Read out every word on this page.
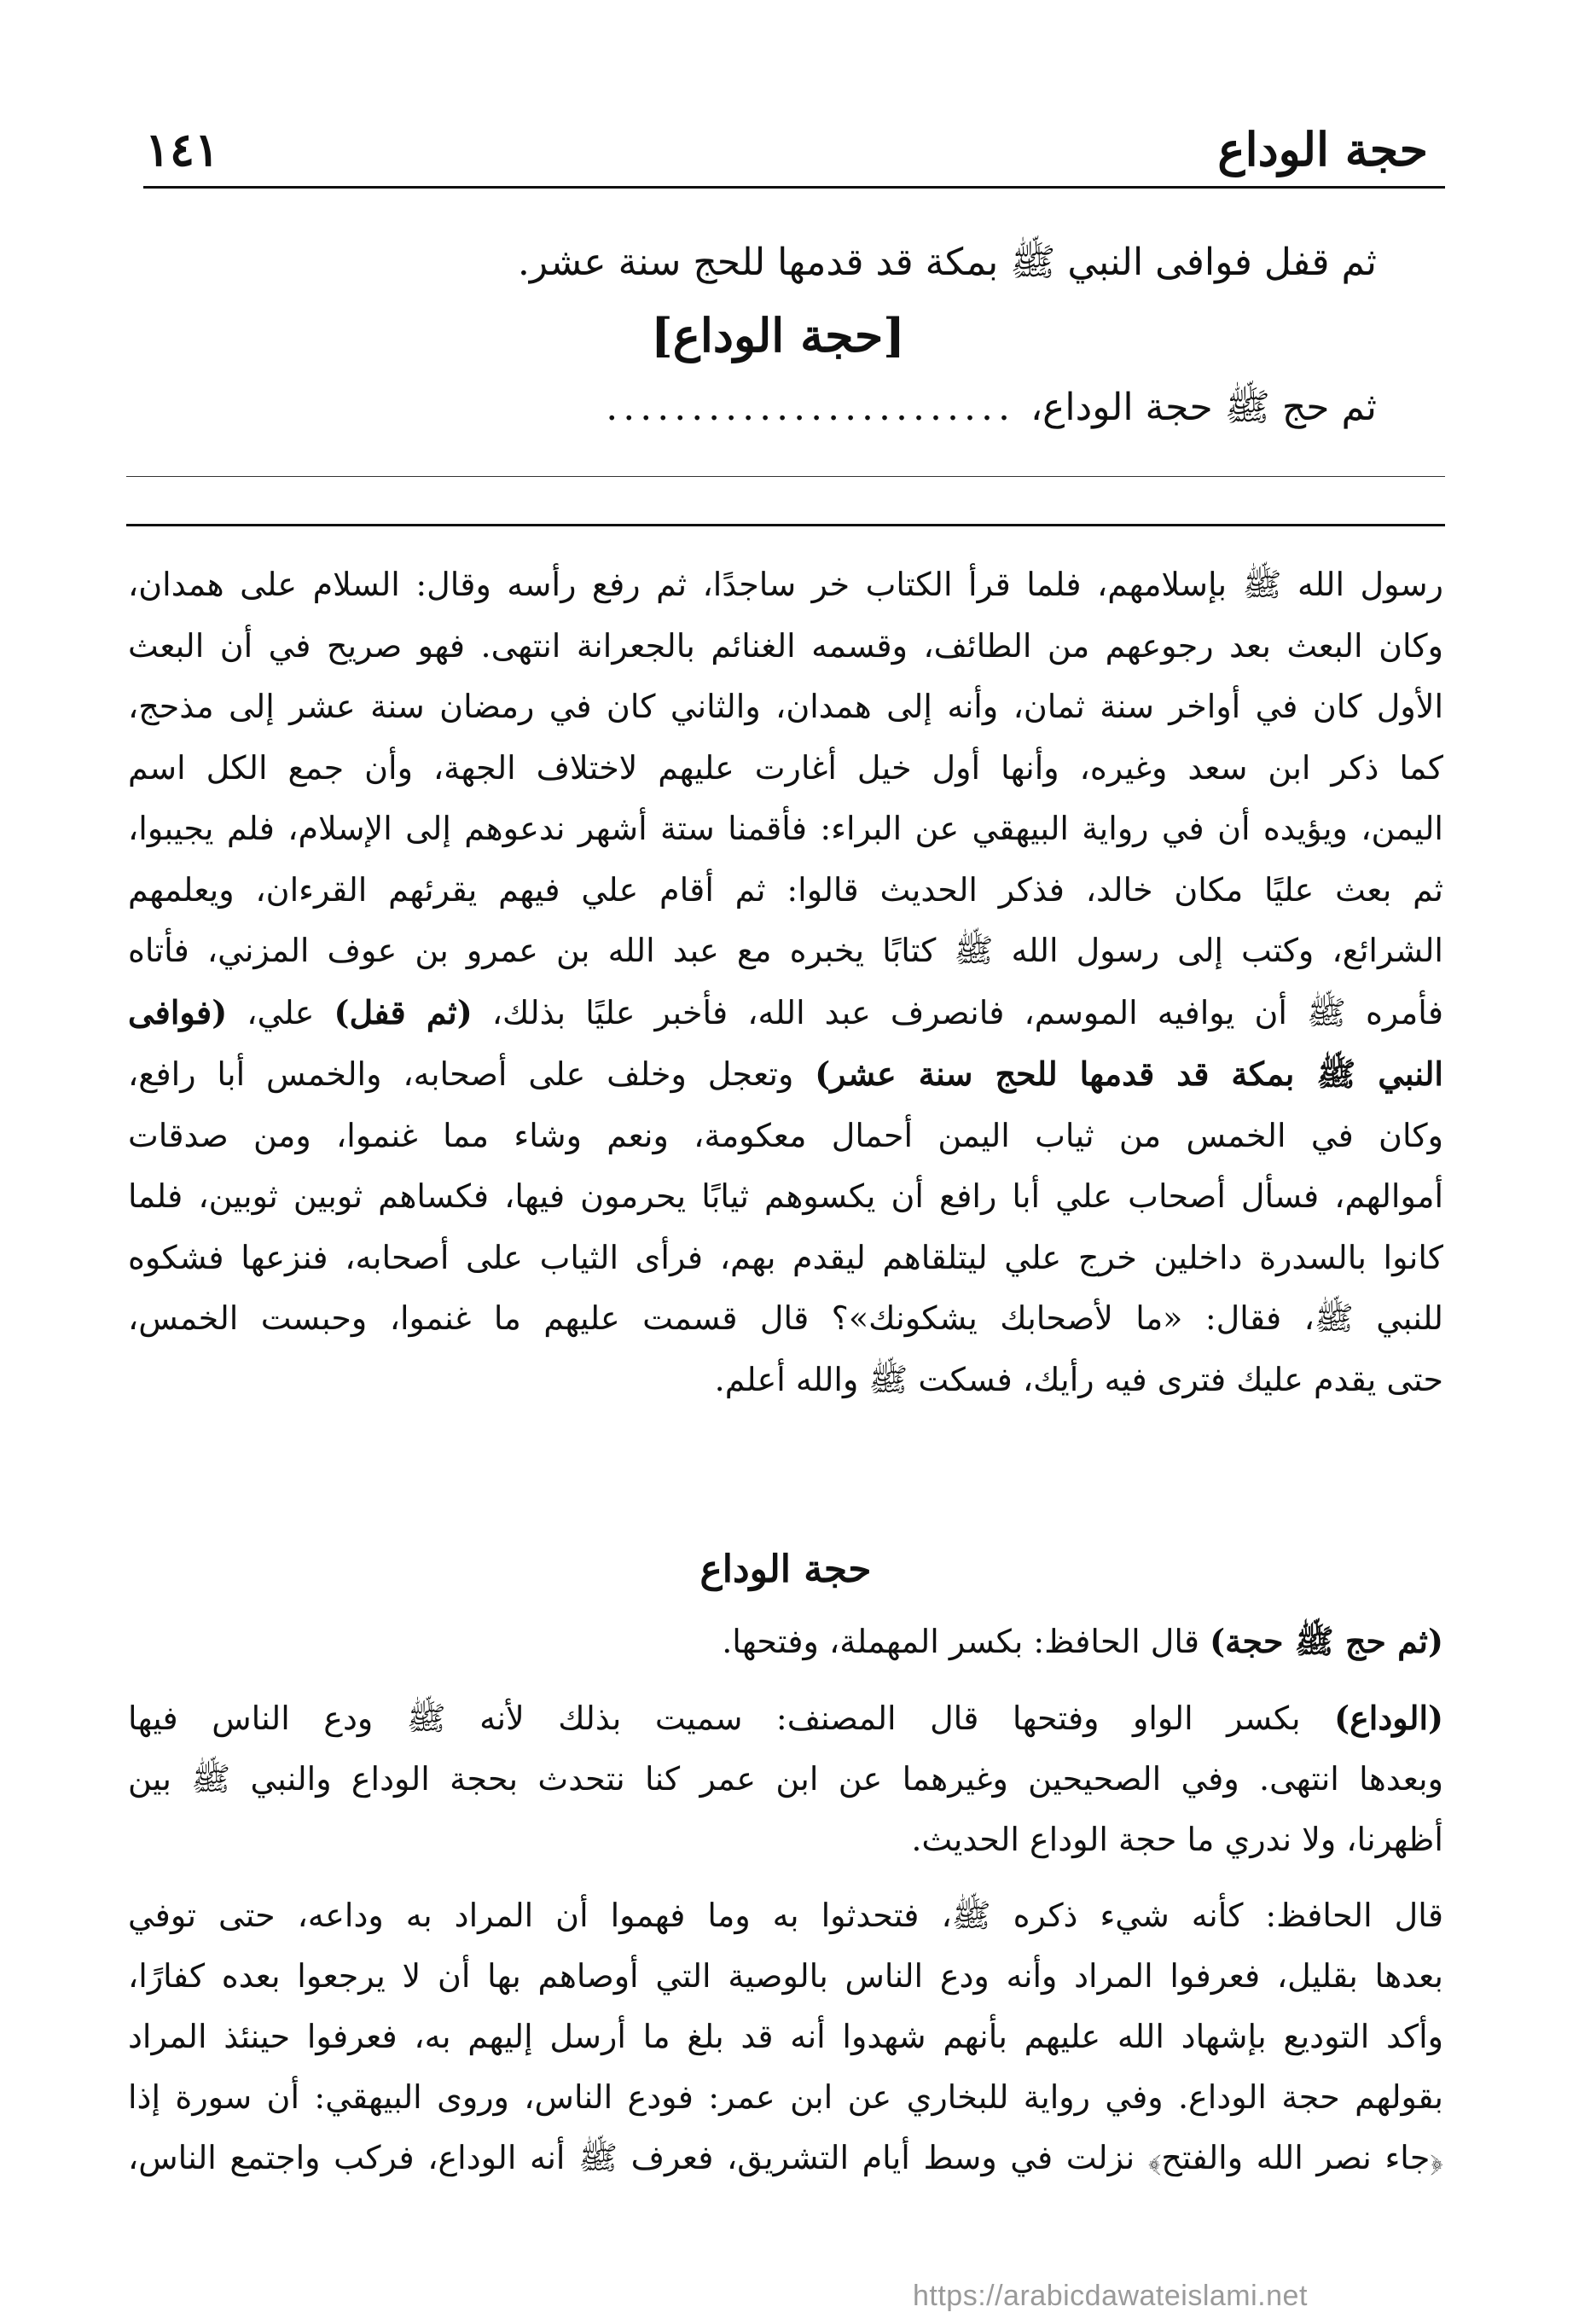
حجة الوداع
١٤١
ثم قفل فوافى النبي ﷺ بمكة قد قدمها للحج سنة عشر.
[حجة الوداع]
ثم حج ﷺ حجة الوداع،
........................
رسول الله ﷺ بإسلامهم، فلما قرأ الكتاب خر ساجدًا، ثم رفع رأسه وقال: السلام على همدان،
وكان البعث بعد رجوعهم من الطائف، وقسمه الغنائم بالجعرانة انتهى. فهو صريح في أن البعث
الأول كان في أواخر سنة ثمان، وأنه إلى همدان، والثاني كان في رمضان سنة عشر إلى مذحج،
كما ذكر ابن سعد وغيره، وأنها أول خيل أغارت عليهم لاختلاف الجهة، وأن جمع الكل اسم
اليمن، ويؤيده أن في رواية البيهقي عن البراء: فأقمنا ستة أشهر ندعوهم إلى الإسلام، فلم يجيبوا،
ثم بعث عليًا مكان خالد، فذكر الحديث قالوا: ثم أقام علي فيهم يقرئهم القرءان، ويعلمهم
الشرائع، وكتب إلى رسول الله ﷺ كتابًا يخبره مع عبد الله بن عمرو بن عوف المزني، فأتاه
فأمره ﷺ أن يوافيه الموسم، فانصرف عبد الله، فأخبر عليًا بذلك، (ثم قفل) علي، (فوافى
النبي ﷺ بمكة قد قدمها للحج سنة عشر) وتعجل وخلف على أصحابه، والخمس أبا رافع،
وكان في الخمس من ثياب اليمن أحمال معكومة، ونعم وشاء مما غنموا، ومن صدقات
أموالهم، فسأل أصحاب علي أبا رافع أن يكسوهم ثيابًا يحرمون فيها، فكساهم ثوبين ثوبين، فلما
كانوا بالسدرة داخلين خرج علي ليتلقاهم ليقدم بهم، فرأى الثياب على أصحابه، فنزعها فشكوه
للنبي ﷺ، فقال: «ما لأصحابك يشكونك»؟ قال قسمت عليهم ما غنموا، وحبست الخمس،
حتى يقدم عليك فترى فيه رأيك، فسكت ﷺ والله أعلم.
حجة الوداع
(ثم حج ﷺ حجة) قال الحافظ: بكسر المهملة، وفتحها.
(الوداع) بكسر الواو وفتحها قال المصنف: سميت بذلك لأنه ﷺ ودع الناس فيها
وبعدها انتهى. وفي الصحيحين وغيرهما عن ابن عمر كنا نتحدث بحجة الوداع والنبي ﷺ بين
أظهرنا، ولا ندري ما حجة الوداع الحديث.
قال الحافظ: كأنه شيء ذكره ﷺ، فتحدثوا به وما فهموا أن المراد به وداعه، حتى توفي
بعدها بقليل، فعرفوا المراد وأنه ودع الناس بالوصية التي أوصاهم بها أن لا يرجعوا بعده كفارًا،
وأكد التوديع بإشهاد الله عليهم بأنهم شهدوا أنه قد بلغ ما أرسل إليهم به، فعرفوا حينئذ المراد
بقولهم حجة الوداع. وفي رواية للبخاري عن ابن عمر: فودع الناس، وروى البيهقي: أن سورة إذا
﴿جاء نصر الله والفتح﴾ نزلت في وسط أيام التشريق، فعرف ﷺ أنه الوداع، فركب واجتمع الناس،
https://arabicdawateislami.net
